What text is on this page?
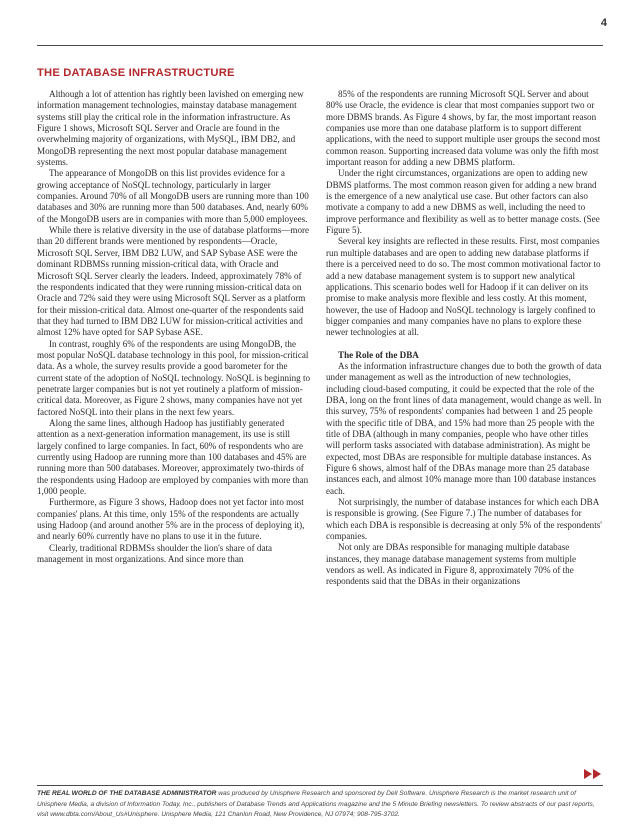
4
THE DATABASE INFRASTRUCTURE

Although a lot of attention has rightly been lavished on emerging new information management technologies, mainstay database management systems still play the critical role in the information infrastructure. As Figure 1 shows, Microsoft SQL Server and Oracle are found in the overwhelming majority of organizations, with MySQL, IBM DB2, and MongoDB representing the next most popular database management systems.

The appearance of MongoDB on this list provides evidence for a growing acceptance of NoSQL technology, particularly in larger companies. Around 70% of all MongoDB users are running more than 100 databases and 30% are running more than 500 databases. And, nearly 60% of the MongoDB users are in companies with more than 5,000 employees.

While there is relative diversity in the use of database platforms—more than 20 different brands were mentioned by respondents—Oracle, Microsoft SQL Server, IBM DB2 LUW, and SAP Sybase ASE were the dominant RDBMSs running mission-critical data, with Oracle and Microsoft SQL Server clearly the leaders. Indeed, approximately 78% of the respondents indicated that they were running mission-critical data on Oracle and 72% said they were using Microsoft SQL Server as a platform for their mission-critical data. Almost one-quarter of the respondents said that they had turned to IBM DB2 LUW for mission-critical activities and almost 12% have opted for SAP Sybase ASE.

In contrast, roughly 6% of the respondents are using MongoDB, the most popular NoSQL database technology in this pool, for mission-critical data. As a whole, the survey results provide a good barometer for the current state of the adoption of NoSQL technology. NoSQL is beginning to penetrate larger companies but is not yet routinely a platform of mission-critical data. Moreover, as Figure 2 shows, many companies have not yet factored NoSQL into their plans in the next few years.

Along the same lines, although Hadoop has justifiably generated attention as a next-generation information management, its use is still largely confined to large companies. In fact, 60% of respondents who are currently using Hadoop are running more than 100 databases and 45% are running more than 500 databases. Moreover, approximately two-thirds of the respondents using Hadoop are employed by companies with more than 1,000 people.

Furthermore, as Figure 3 shows, Hadoop does not yet factor into most companies' plans. At this time, only 15% of the respondents are actually using Hadoop (and around another 5% are in the process of deploying it), and nearly 60% currently have no plans to use it in the future.

Clearly, traditional RDBMSs shoulder the lion's share of data management in most organizations. And since more than

85% of the respondents are running Microsoft SQL Server and about 80% use Oracle, the evidence is clear that most companies support two or more DBMS brands. As Figure 4 shows, by far, the most important reason companies use more than one database platform is to support different applications, with the need to support multiple user groups the second most common reason. Supporting increased data volume was only the fifth most important reason for adding a new DBMS platform.

Under the right circumstances, organizations are open to adding new DBMS platforms. The most common reason given for adding a new brand is the emergence of a new analytical use case. But other factors can also motivate a company to add a new DBMS as well, including the need to improve performance and flexibility as well as to better manage costs. (See Figure 5).

Several key insights are reflected in these results. First, most companies run multiple databases and are open to adding new database platforms if there is a perceived need to do so. The most common motivational factor to add a new database management system is to support new analytical applications. This scenario bodes well for Hadoop if it can deliver on its promise to make analysis more flexible and less costly. At this moment, however, the use of Hadoop and NoSQL technology is largely confined to bigger companies and many companies have no plans to explore these newer technologies at all.

The Role of the DBA

As the information infrastructure changes due to both the growth of data under management as well as the introduction of new technologies, including cloud-based computing, it could be expected that the role of the DBA, long on the front lines of data management, would change as well. In this survey, 75% of respondents' companies had between 1 and 25 people with the specific title of DBA, and 15% had more than 25 people with the title of DBA (although in many companies, people who have other titles will perform tasks associated with database administration). As might be expected, most DBAs are responsible for multiple database instances. As Figure 6 shows, almost half of the DBAs manage more than 25 database instances each, and almost 10% manage more than 100 database instances each.

Not surprisingly, the number of database instances for which each DBA is responsible is growing. (See Figure 7.) The number of databases for which each DBA is responsible is decreasing at only 5% of the respondents' companies.

Not only are DBAs responsible for managing multiple database instances, they manage database management systems from multiple vendors as well. As indicated in Figure 8, approximately 70% of the respondents said that the DBAs in their organizations

THE REAL WORLD OF THE DATABASE ADMINISTRATOR was produced by Unisphere Research and sponsored by Dell Software. Unisphere Research is the market research unit of Unisphere Media, a division of Information Today, Inc., publishers of Database Trends and Applications magazine and the 5 Minute Briefing newsletters. To review abstracts of our past reports, visit www.dbta.com/About_Us#Unisphere. Unisphere Media, 121 Chanlon Road, New Providence, NJ 07974; 908-795-3702.
